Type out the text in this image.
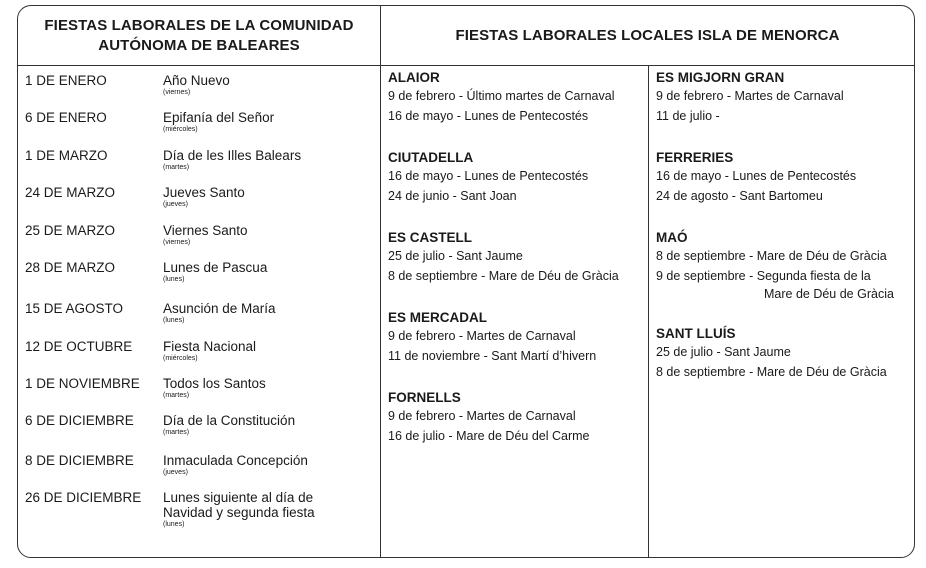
FIESTAS LABORALES DE LA COMUNIDAD
AUTÓNOMA DE BALEARES
FIESTAS LABORALES LOCALES ISLA DE MENORCA
1 DE ENERO	Año Nuevo
(viernes)
6 DE ENERO	Epifanía del Señor
(miércoles)
1 DE MARZO	Día de les Illes Balears
(martes)
24 DE MARZO	Jueves Santo
(jueves)
25 DE MARZO	Viernes Santo
(viernes)
28 DE MARZO	Lunes de Pascua
(lunes)
15 DE AGOSTO	Asunción de María
(lunes)
12 DE OCTUBRE Fiesta Nacional
(miércoles)
1 DE NOVIEMBRE Todos los Santos
(martes)
6 DE DICIEMBRE Día de la Constitución
(martes)
8 DE DICIEMBRE Inmaculada Concepción
(jueves)
26 DE DICIEMBRE Lunes siguiente al día de
Navidad y segunda fiesta
(lunes)
ALAIOR
9 de febrero - Último martes de Carnaval
16 de mayo - Lunes de Pentecostés
CIUTADELLA
16 de mayo - Lunes de Pentecostés
24 de junio - Sant Joan
ES CASTELL
25 de julio - Sant Jaume
8 de septiembre - Mare de Déu de Gràcia
ES MERCADAL
9 de febrero - Martes de Carnaval
11 de noviembre - Sant Martí d’hivern
FORNELLS
9 de febrero - Martes de Carnaval
16 de julio - Mare de Déu del Carme
ES MIGJORN GRAN
9 de febrero - Martes de Carnaval
11 de julio -
FERRERIES
16 de mayo - Lunes de Pentecostés
24 de agosto - Sant Bartomeu
MAÓ
8 de septiembre - Mare de Déu de Gràcia
9 de septiembre - Segunda fiesta de la
Mare de Déu de Gràcia
SANT LLUÍS
25 de julio - Sant Jaume
8 de septiembre - Mare de Déu de Gràcia
